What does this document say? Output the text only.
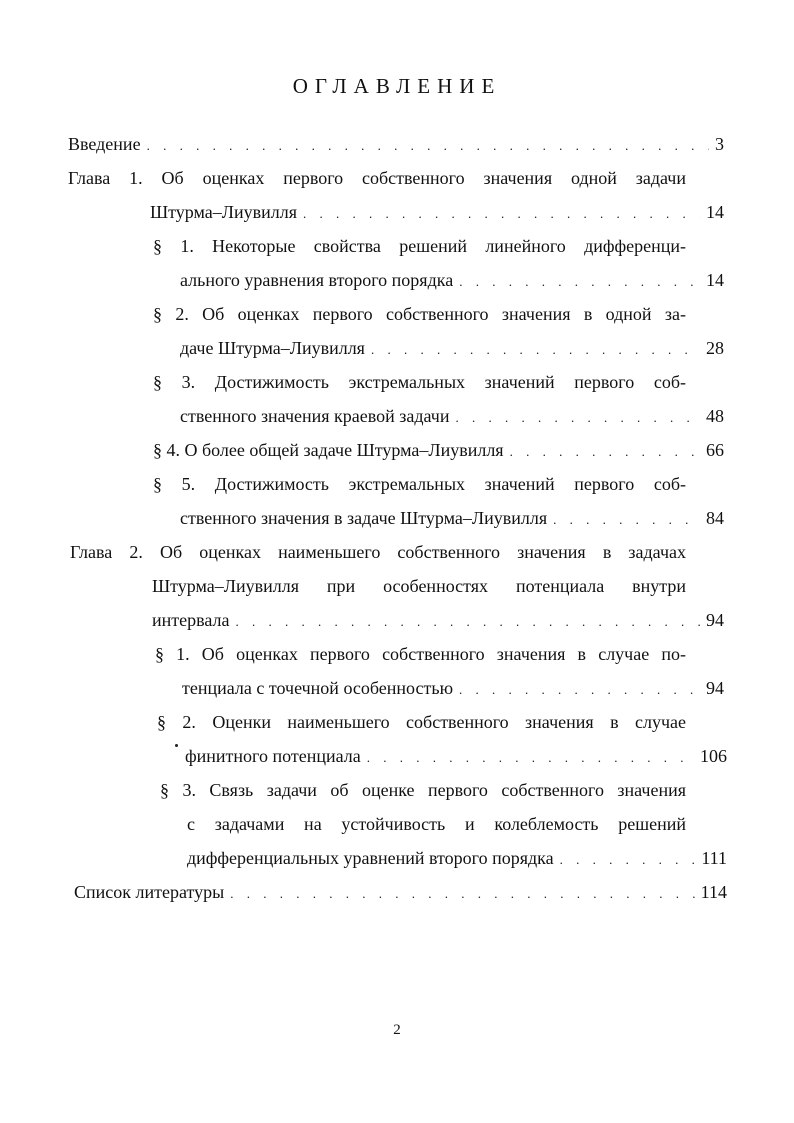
ОГЛАВЛЕНИЕ
Введение . . .	3
Глава 1. Об оценках первого собственного значения одной задачи
Штурма–Лиувилля . . .	14
§ 1. Некоторые свойства решений линейного дифференци-
ального уравнения второго порядка . . .	14
§ 2. Об оценках первого собственного значения в одной за-
даче Штурма–Лиувилля . . .	28
§ 3. Достижимость экстремальных значений первого соб-
ственного значения краевой задачи . . .	48
§ 4. О более общей задаче Штурма–Лиувилля . . .	66
§ 5. Достижимость экстремальных значений первого соб-
ственного значения в задаче Штурма–Лиувилля . . .	84
Глава 2. Об оценках наименьшего собственного значения в задачах
Штурма–Лиувилля при особенностях потенциала внутри
интервала . . .	94
§ 1. Об оценках первого собственного значения в случае по-
тенциала с точечной особенностью . . .	94
§ 2. Оценки наименьшего собственного значения в случае
финитного потенциала . . .	106
§ 3. Связь задачи об оценке первого собственного значения
с задачами на устойчивость и колеблемость решений
дифференциальных уравнений второго порядка . . .	111
Список литературы . . .	114
2
